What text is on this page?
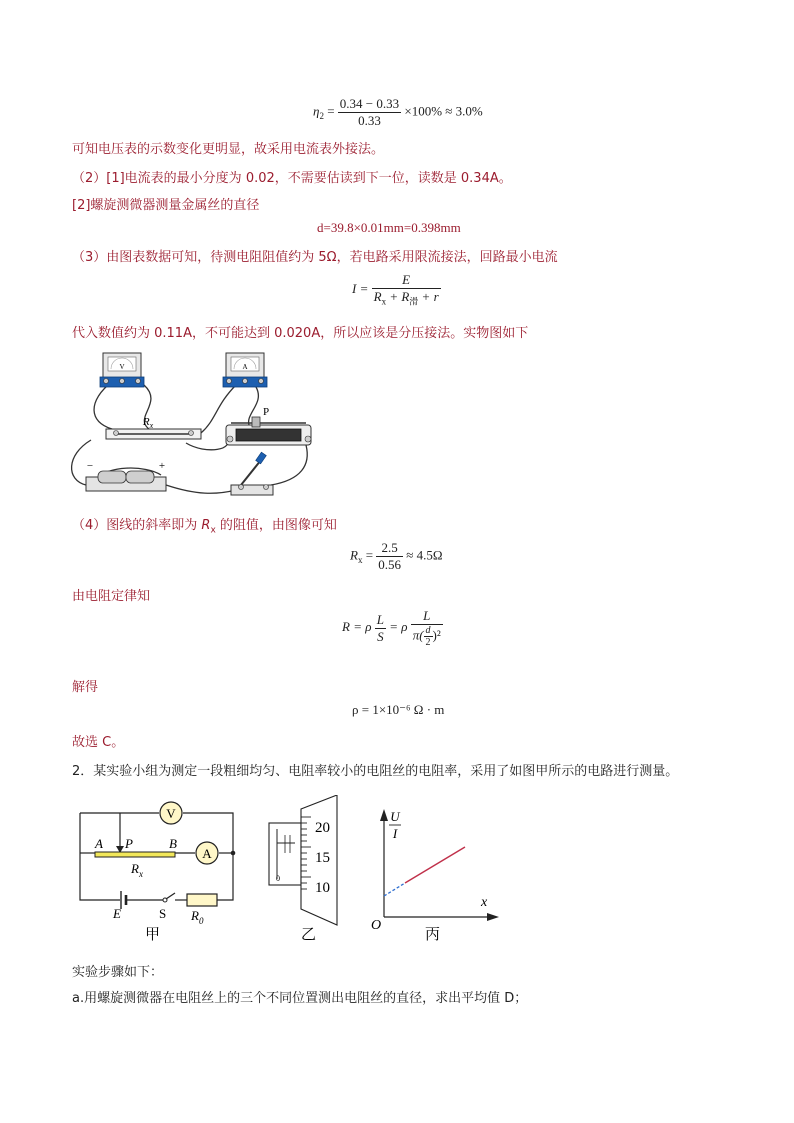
$\eta_2 = \frac{0.34 - 0.33}{0.33} \times 100\% \approx 3.0\%$
可知电压表的示数变化更明显，故采用电流表外接法。
（2）[1]电流表的最小分度为 0.02，不需要估读到下一位，读数是 0.34A。
[2]螺旋测微器测量金属丝的直径
d=39.8×0.01mm=0.398mm
（3）由图表数据可知，待测电阻阻值约为 5Ω，若电路采用限流接法，回路最小电流
$I = \frac{E}{R_x + R_滑 + r}$
代入数值约为 0.11A，不可能达到 0.020A，所以应该是分压接法。实物图如下
V	A
$R_x$
P
−	+
（4）图线的斜率即为 $R_x$ 的阻值，由图像可知
$R_x = \frac{2.5}{0.56} \approx 4.5\Omega$
由电阻定律知
R = ρ $\frac{L}{S} = \rho \frac{L}{\pi( \frac{d}{2} )^2}$
解得
ρ = 1×10⁻⁶ Ω · m
故选 C。
2．某实验小组为测定一段粗细均匀、电阻率较小的电阻丝的电阻率，采用了如图甲所示的电路进行测量。
V
A
A P	B
$R_x$
E	S $R_0$
甲
20
15
10
0
乙
U
I
x
O
丙
实验步骤如下：
a.用螺旋测微器在电阻丝上的三个不同位置测出电阻丝的直径，求出平均值 D；
